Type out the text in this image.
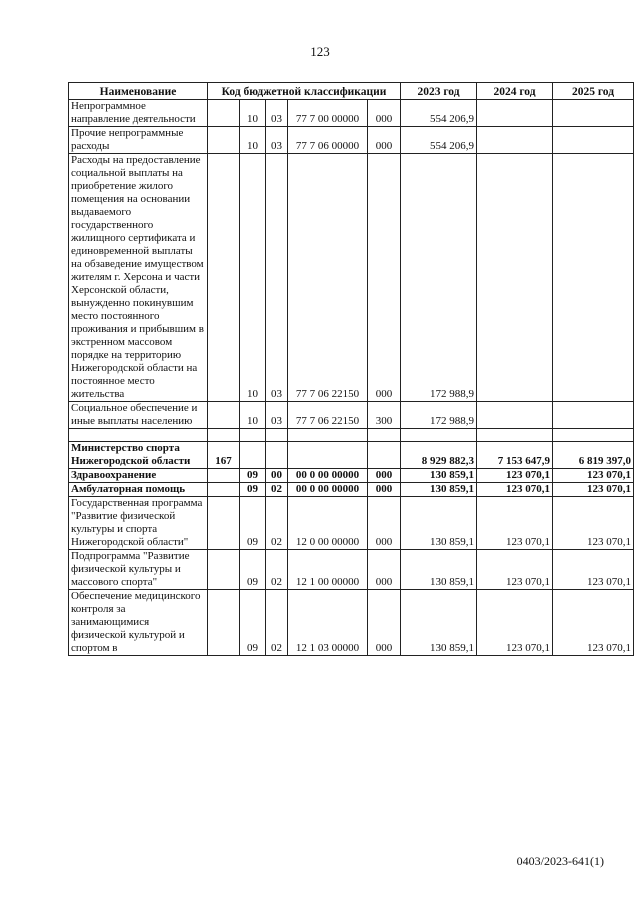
123
Наименование	Код бюджетной классификации					2023 год	2024 год	2025 год
Непрограммное направление деятельности		10	03	77 7 00 00000	000	554 206,9		
Прочие непрограммные расходы		10	03	77 7 06 00000	000	554 206,9		
Расходы на предоставление социальной выплаты на приобретение жилого помещения на основании выдаваемого государственного жилищного сертификата и единовременной выплаты на обзаведение имуществом жителям г. Херсона и части Херсонской области, вынужденно покинувшим место постоянного проживания и прибывшим в экстренном массовом порядке на территорию Нижегородской области на постоянное место жительства		10	03	77 7 06 22150	000	172 988,9		
Социальное обеспечение и иные выплаты населению		10	03	77 7 06 22150	300	172 988,9		

Министерство спорта Нижегородской области	167					8 929 882,3	7 153 647,9	6 819 397,0
Здравоохранение		09	00	00 0 00 00000	000	130 859,1	123 070,1	123 070,1
Амбулаторная помощь		09	02	00 0 00 00000	000	130 859,1	123 070,1	123 070,1
Государственная программа "Развитие физической культуры и спорта Нижегородской области"		09	02	12 0 00 00000	000	130 859,1	123 070,1	123 070,1
Подпрограмма "Развитие физической культуры и массового спорта"		09	02	12 1 00 00000	000	130 859,1	123 070,1	123 070,1
Обеспечение медицинского контроля за занимающимися физической культурой и спортом в		09	02	12 1 03 00000	000	130 859,1	123 070,1	123 070,1
0403/2023-641(1)
